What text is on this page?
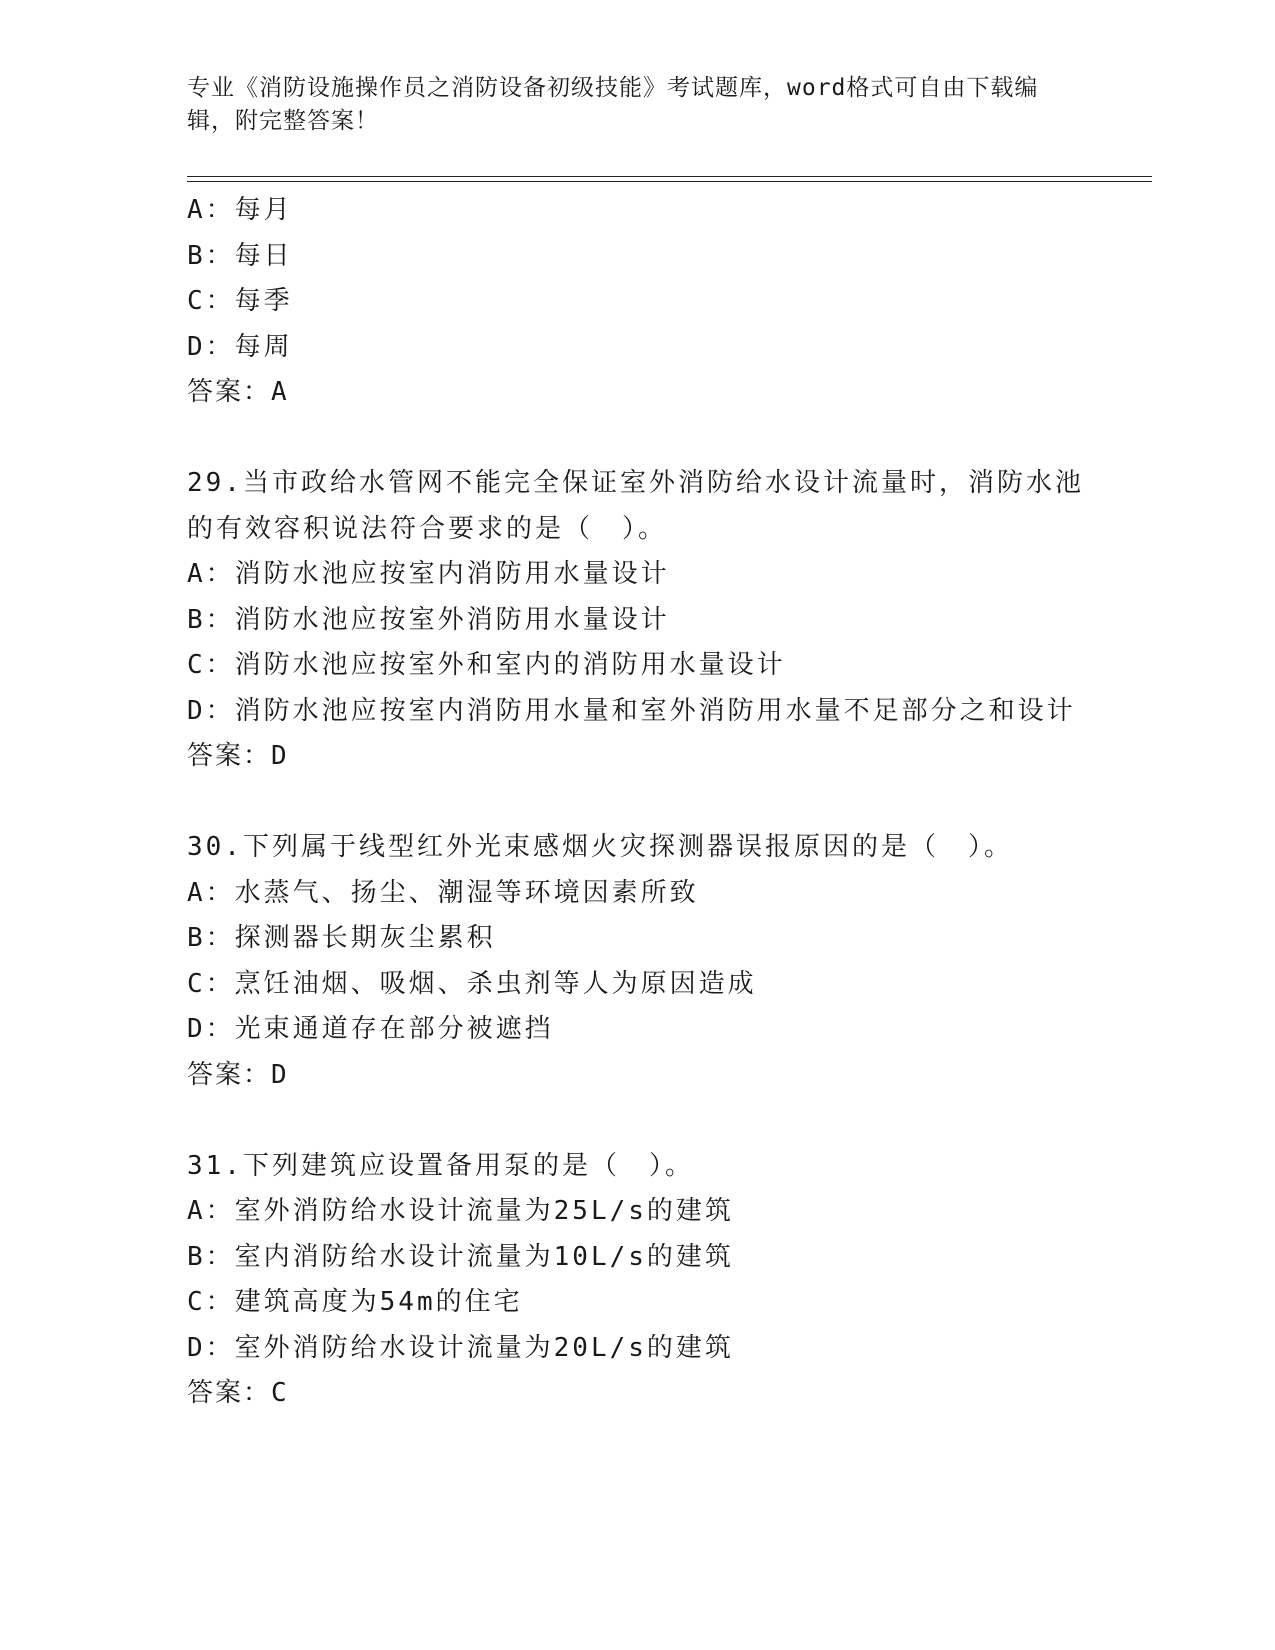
专业《消防设施操作员之消防设备初级技能》考试题库，word格式可自由下载编
辑，附完整答案！
A：每月
B：每日
C：每季
D：每周
答案：A
29.当市政给水管网不能完全保证室外消防给水设计流量时，消防水池
的有效容积说法符合要求的是（　）。
A：消防水池应按室内消防用水量设计
B：消防水池应按室外消防用水量设计
C：消防水池应按室外和室内的消防用水量设计
D：消防水池应按室内消防用水量和室外消防用水量不足部分之和设计
答案：D
30.下列属于线型红外光束感烟火灾探测器误报原因的是（　）。
A：水蒸气、扬尘、潮湿等环境因素所致
B：探测器长期灰尘累积
C：烹饪油烟、吸烟、杀虫剂等人为原因造成
D：光束通道存在部分被遮挡
答案：D
31.下列建筑应设置备用泵的是（　）。
A：室外消防给水设计流量为25L/s的建筑
B：室内消防给水设计流量为10L/s的建筑
C：建筑高度为54m的住宅
D：室外消防给水设计流量为20L/s的建筑
答案：C
